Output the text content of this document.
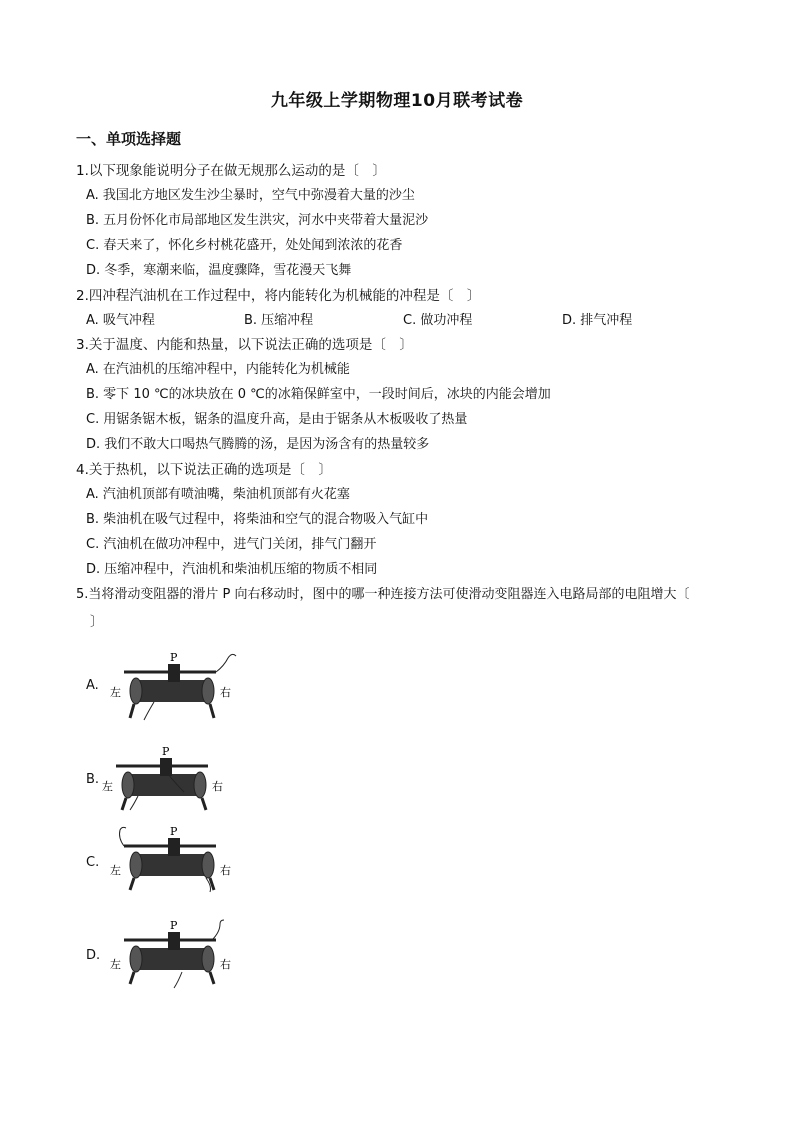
九年级上学期物理10月联考试卷
一、单项选择题
1.以下现象能说明分子在做无规那么运动的是〔　〕
A. 我国北方地区发生沙尘暴时，空气中弥漫着大量的沙尘
B. 五月份怀化市局部地区发生洪灾，河水中夹带着大量泥沙
C. 春天来了，怀化乡村桃花盛开，处处闻到浓浓的花香
D. 冬季，寒潮来临，温度骤降，雪花漫天飞舞
2.四冲程汽油机在工作过程中，将内能转化为机械能的冲程是〔　〕
A. 吸气冲程	B. 压缩冲程	C. 做功冲程	D. 排气冲程
3.关于温度、内能和热量，以下说法正确的选项是〔　〕
A. 在汽油机的压缩冲程中，内能转化为机械能
B. 零下 10 ℃的冰块放在 0 ℃的冰箱保鲜室中，一段时间后，冰块的内能会增加
C. 用锯条锯木板，锯条的温度升高，是由于锯条从木板吸收了热量
D. 我们不敢大口喝热气腾腾的汤，是因为汤含有的热量较多
4.关于热机，以下说法正确的选项是〔　〕
A. 汽油机顶部有喷油嘴，柴油机顶部有火花塞
B. 柴油机在吸气过程中，将柴油和空气的混合物吸入气缸中
C. 汽油机在做功冲程中，进气门关闭，排气门翻开
D. 压缩冲程中，汽油机和柴油机压缩的物质不相同
5.当将滑动变阻器的滑片 P 向右移动时，图中的哪一种连接方法可使滑动变阻器连入电路局部的电阻增大〔
〕
A.
P
左	右
B.
P
左	右
C.
P
左	右
D.
P
左	右
